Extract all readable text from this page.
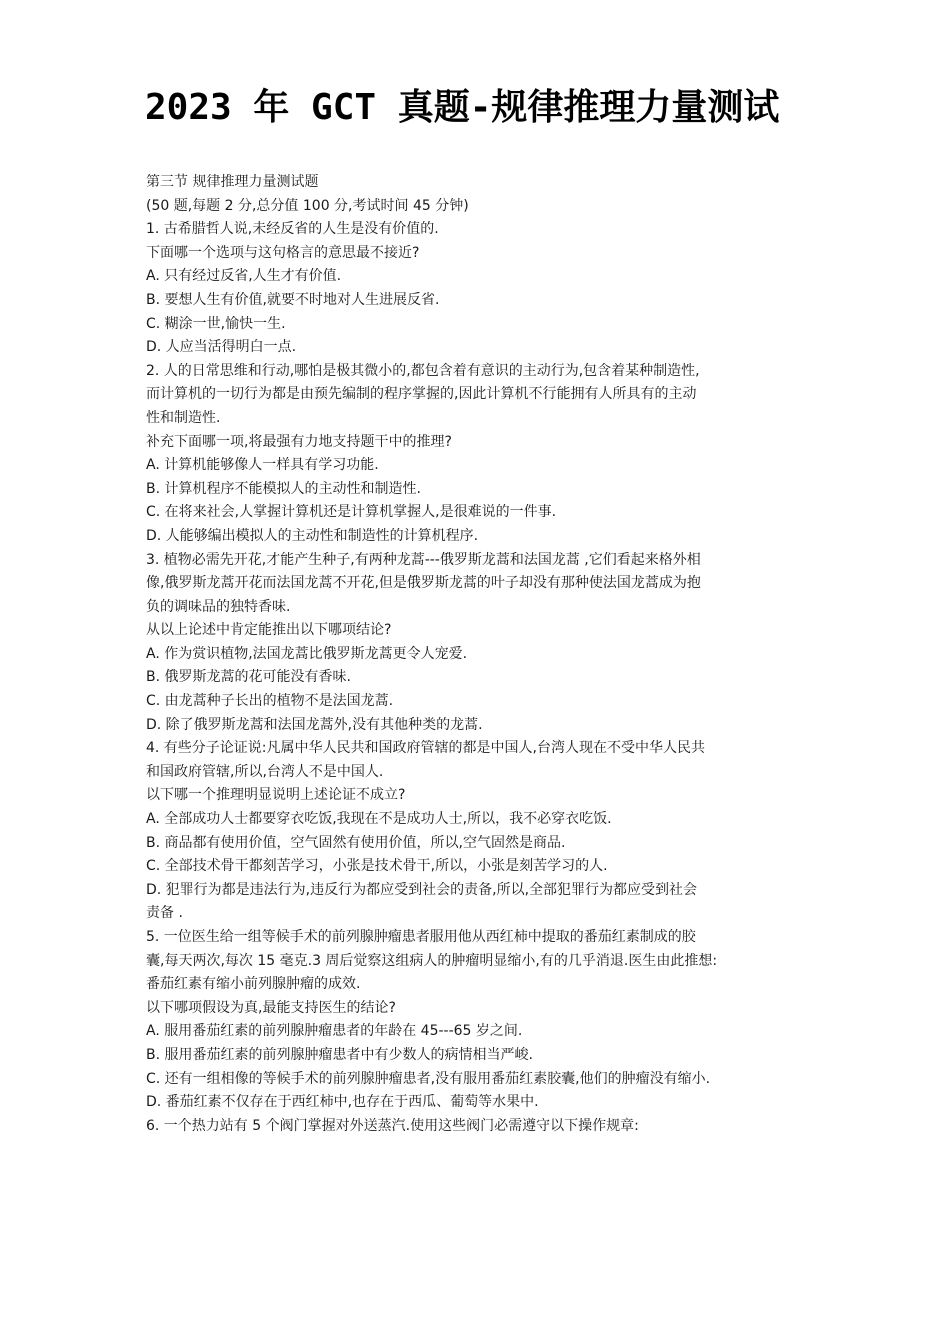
2023 年 GCT 真题-规律推理力量测试
第三节 规律推理力量测试题
(50 题,每题 2 分,总分值 100 分,考试时间 45 分钟)
1. 古希腊哲人说,未经反省的人生是没有价值的.
下面哪一个选项与这句格言的意思最不接近?
A. 只有经过反省,人生才有价值.
B. 要想人生有价值,就要不时地对人生进展反省.
C. 糊涂一世,愉快一生.
D. 人应当活得明白一点.
2. 人的日常思维和行动,哪怕是极其微小的,都包含着有意识的主动行为,包含着某种制造性,
而计算机的一切行为都是由预先编制的程序掌握的,因此计算机不行能拥有人所具有的主动
性和制造性.
补充下面哪一项,将最强有力地支持题干中的推理?
A. 计算机能够像人一样具有学习功能.
B. 计算机程序不能模拟人的主动性和制造性.
C. 在将来社会,人掌握计算机还是计算机掌握人,是很难说的一件事.
D. 人能够编出模拟人的主动性和制造性的计算机程序.
3. 植物必需先开花,才能产生种子,有两种龙蒿---俄罗斯龙蒿和法国龙蒿 ,它们看起来格外相
像,俄罗斯龙蒿开花而法国龙蒿不开花,但是俄罗斯龙蒿的叶子却没有那种使法国龙蒿成为抱
负的调味品的独特香味.
从以上论述中肯定能推出以下哪项结论?
A. 作为赏识植物,法国龙蒿比俄罗斯龙蒿更令人宠爱.
B. 俄罗斯龙蒿的花可能没有香味.
C. 由龙蒿种子长出的植物不是法国龙蒿.
D. 除了俄罗斯龙蒿和法国龙蒿外,没有其他种类的龙蒿.
4. 有些分子论证说:凡属中华人民共和国政府管辖的都是中国人,台湾人现在不受中华人民共
和国政府管辖,所以,台湾人不是中国人.
以下哪一个推理明显说明上述论证不成立?
A. 全部成功人士都要穿衣吃饭,我现在不是成功人士,所以，我不必穿衣吃饭.
B. 商品都有使用价值，空气固然有使用价值，所以,空气固然是商品.
C. 全部技术骨干都刻苦学习，小张是技术骨干,所以，小张是刻苦学习的人.
D. 犯罪行为都是违法行为,违反行为都应受到社会的责备,所以,全部犯罪行为都应受到社会
责备 .
5. 一位医生给一组等候手术的前列腺肿瘤患者服用他从西红柿中提取的番茄红素制成的胶
囊,每天两次,每次 15 毫克.3 周后觉察这组病人的肿瘤明显缩小,有的几乎消退.医生由此推想:
番茄红素有缩小前列腺肿瘤的成效.
以下哪项假设为真,最能支持医生的结论?
A. 服用番茄红素的前列腺肿瘤患者的年龄在 45---65 岁之间.
B. 服用番茄红素的前列腺肿瘤患者中有少数人的病情相当严峻.
C. 还有一组相像的等候手术的前列腺肿瘤患者,没有服用番茄红素胶囊,他们的肿瘤没有缩小.
D. 番茄红素不仅存在于西红柿中,也存在于西瓜、葡萄等水果中.
6. 一个热力站有 5 个阀门掌握对外送蒸汽.使用这些阀门必需遵守以下操作规章:
